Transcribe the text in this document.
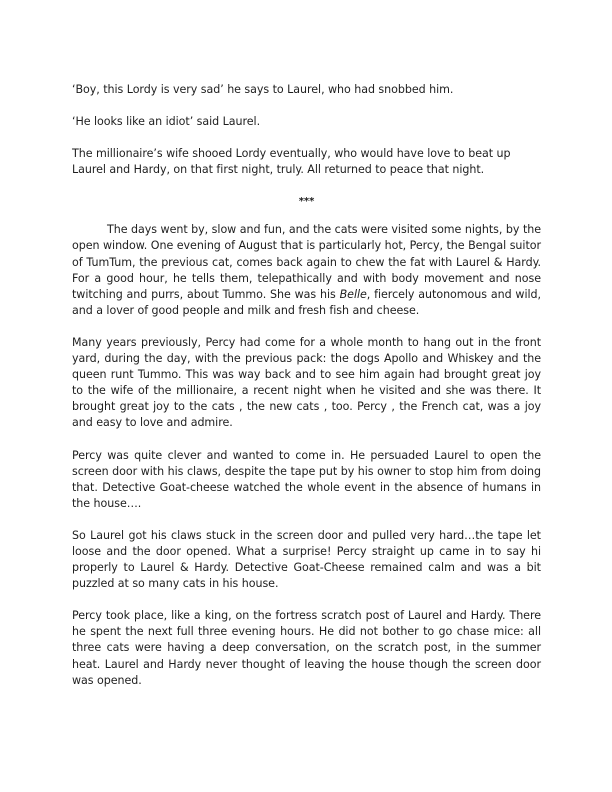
‘Boy, this Lordy is very sad’ he says to Laurel, who had snobbed him.

‘He looks like an idiot’ said Laurel.

The millionaire’s wife shooed Lordy eventually, who would have love to beat up Laurel and Hardy, on that first night, truly. All returned to peace that night.

***

The days went by, slow and fun, and the cats were visited some nights, by the open window. One evening of August that is particularly hot, Percy, the Bengal suitor of TumTum, the previous cat, comes back again to chew the fat with Laurel & Hardy. For a good hour, he tells them, telepathically and with body movement and nose twitching and purrs, about Tummo. She was his Belle, fiercely autonomous and wild, and a lover of good people and milk and fresh fish and cheese.

Many years previously, Percy had come for a whole month to hang out in the front yard, during the day, with the previous pack: the dogs Apollo and Whiskey and the queen runt Tummo. This was way back and to see him again had brought great joy to the wife of the millionaire, a recent night when he visited and she was there. It brought great joy to the cats , the new cats , too. Percy , the French cat, was a joy and easy to love and admire.

Percy was quite clever and wanted to come in. He persuaded Laurel to open the screen door with his claws, despite the tape put by his owner to stop him from doing that. Detective Goat-cheese watched the whole event in the absence of humans in the house….

So Laurel got his claws stuck in the screen door and pulled very hard…the tape let loose and the door opened. What a surprise! Percy straight up came in to say hi properly to Laurel & Hardy. Detective Goat-Cheese remained calm and was a bit puzzled at so many cats in his house.

Percy took place, like a king, on the fortress scratch post of Laurel and Hardy. There he spent the next full three evening hours. He did not bother to go chase mice: all three cats were having a deep conversation, on the scratch post, in the summer heat. Laurel and Hardy never thought of leaving the house though the screen door was opened.
